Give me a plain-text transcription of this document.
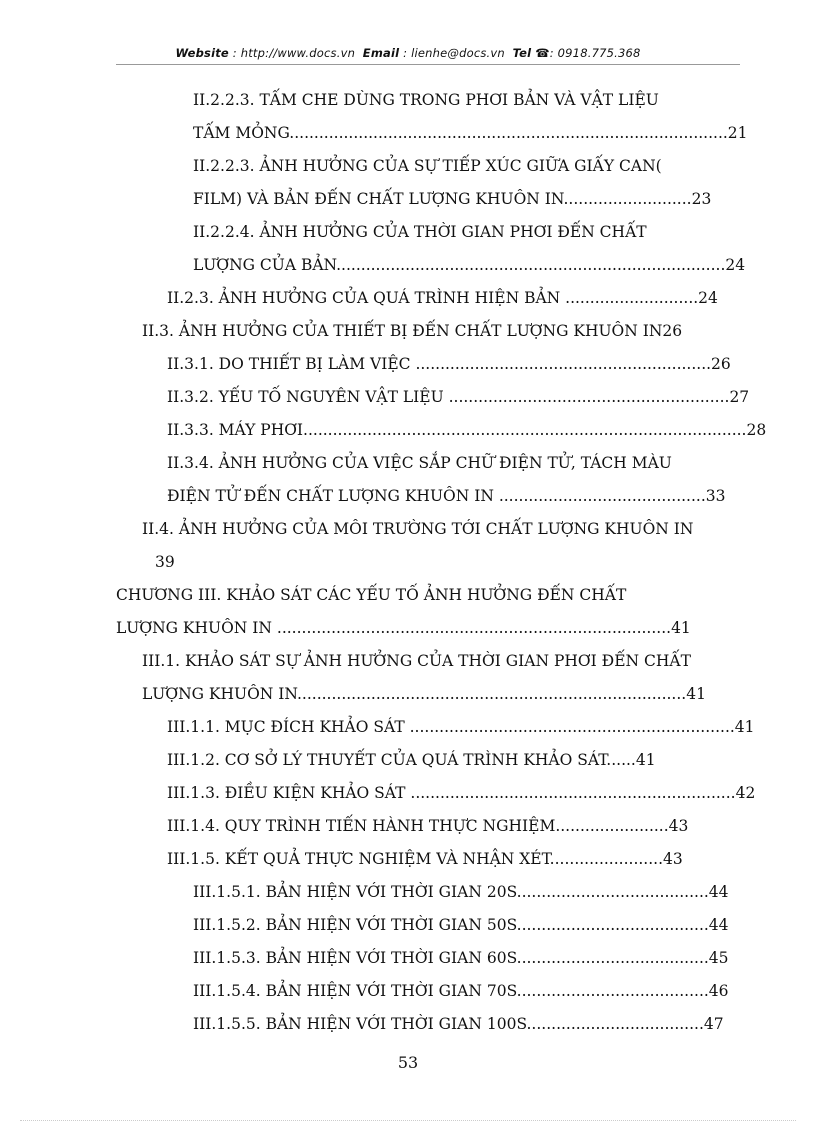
Website : http://www.docs.vn Email : lienhe@docs.vn Tel ☎: 0918.775.368
II.2.2.3. TẤM CHE DÙNG TRONG PHƠI BẢN VÀ VẬT LIỆU
TẤM MỎNG.........................................................................................21
II.2.2.3. ẢNH HƯỞNG CỦA SỰ TIẾP XÚC GIỮA GIẤY CAN(
FILM) VÀ BẢN ĐẾN CHẤT LƯỢNG KHUÔN IN..........................23
II.2.2.4. ẢNH HƯỞNG CỦA THỜI GIAN PHƠI ĐẾN CHẤT
LƯỢNG CỦA BẢN...............................................................................24
II.2.3. ẢNH HƯỞNG CỦA QUÁ TRÌNH HIỆN BẢN ...........................24
II.3. ẢNH HƯỞNG CỦA THIẾT BỊ ĐẾN CHẤT LƯỢNG KHUÔN IN26
II.3.1. DO THIẾT BỊ LÀM VIỆC ............................................................26
II.3.2. YẾU TỐ NGUYÊN VẬT LIỆU .........................................................27
II.3.3. MÁY PHƠI..........................................................................................28
II.3.4. ẢNH HƯỞNG CỦA VIỆC SẮP CHỮ ĐIỆN TỬ, TÁCH MÀU
ĐIỆN TỬ ĐẾN CHẤT LƯỢNG KHUÔN IN ..........................................33
II.4. ẢNH HƯỞNG CỦA MÔI TRƯỜNG TỚI CHẤT LƯỢNG KHUÔN IN
39
CHƯƠNG III. KHẢO SÁT CÁC YẾU TỐ ẢNH HƯỞNG ĐẾN CHẤT
LƯỢNG KHUÔN IN ................................................................................41
III.1. KHẢO SÁT SỰ ẢNH HƯỞNG CỦA THỜI GIAN PHƠI ĐẾN CHẤT
LƯỢNG KHUÔN IN...............................................................................41
III.1.1. MỤC ĐÍCH KHẢO SÁT ..................................................................41
III.1.2. CƠ SỞ LÝ THUYẾT CỦA QUÁ TRÌNH KHẢO SÁT......41
III.1.3. ĐIỀU KIỆN KHẢO SÁT ..................................................................42
III.1.4. QUY TRÌNH TIẾN HÀNH THỰC NGHIỆM.......................43
III.1.5. KẾT QUẢ THỰC NGHIỆM VÀ NHẬN XÉT.......................43
III.1.5.1. BẢN HIỆN VỚI THỜI GIAN 20S.......................................44
III.1.5.2. BẢN HIỆN VỚI THỜI GIAN 50S.......................................44
III.1.5.3. BẢN HIỆN VỚI THỜI GIAN 60S.......................................45
III.1.5.4. BẢN HIỆN VỚI THỜI GIAN 70S.......................................46
III.1.5.5. BẢN HIỆN VỚI THỜI GIAN 100S....................................47
53
